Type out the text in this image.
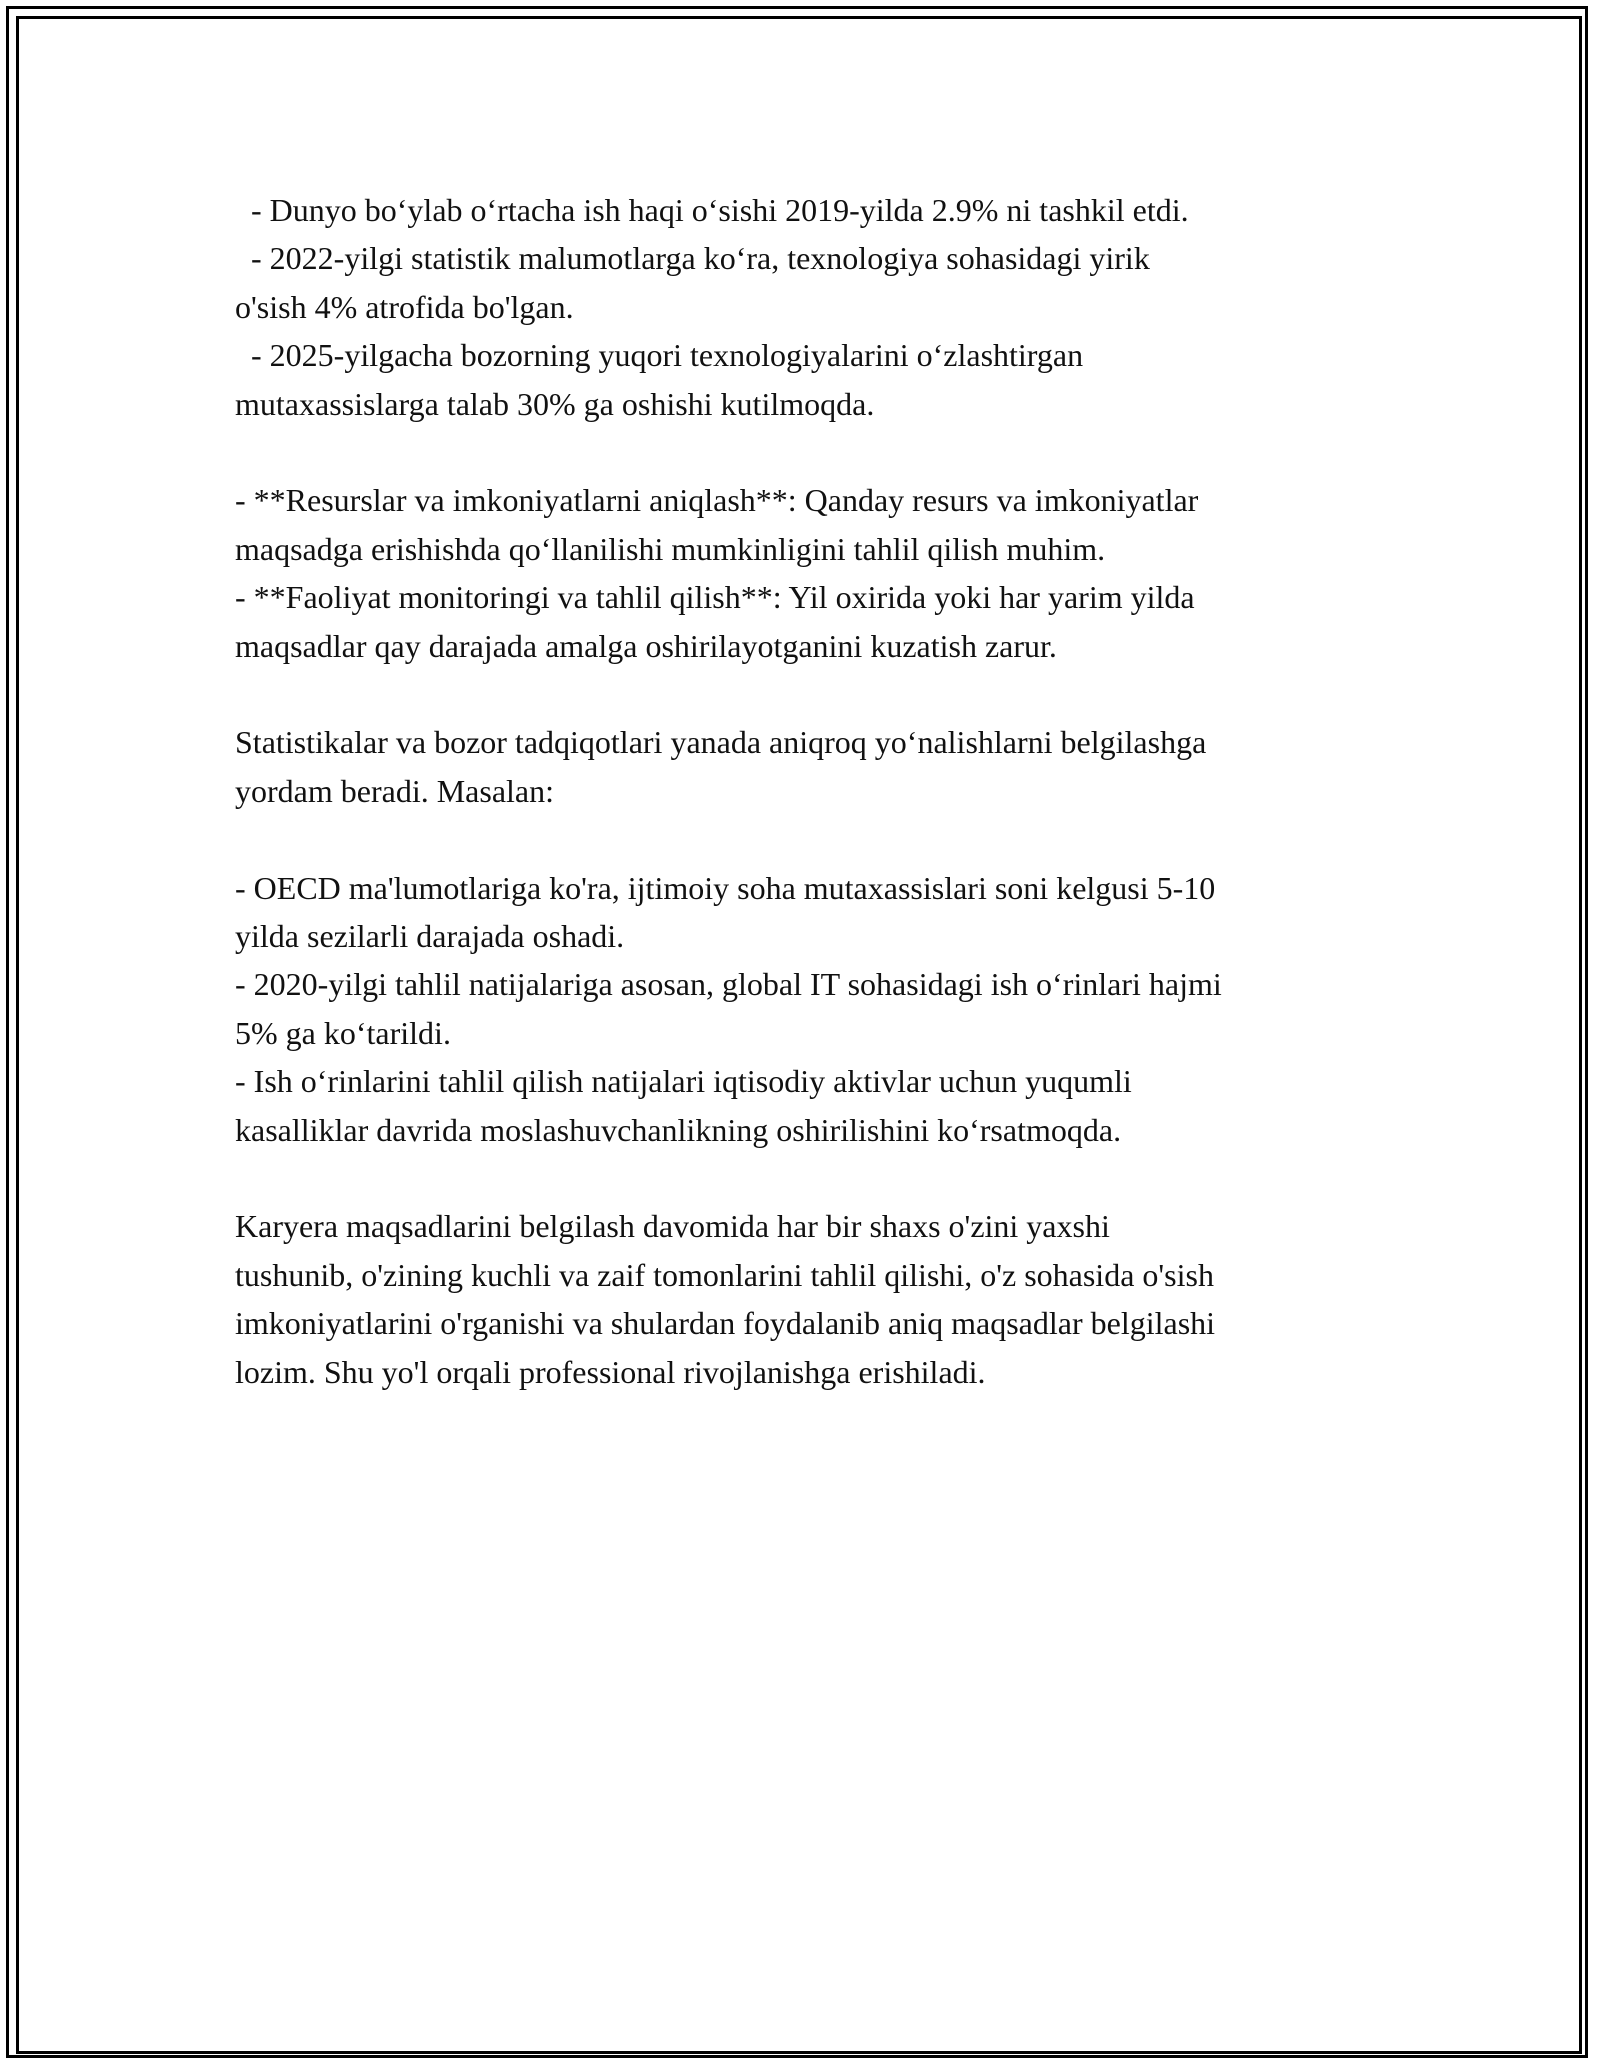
- Dunyo bo‘ylab o‘rtacha ish haqi o‘sishi 2019-yilda 2.9% ni tashkil etdi.

- 2022-yilgi statistik malumotlarga ko‘ra, texnologiya sohasidagi yirik

o'sish 4% atrofida bo'lgan.

- 2025-yilgacha bozorning yuqori texnologiyalarini o‘zlashtirgan

mutaxassislarga talab 30% ga oshishi kutilmoqda.

- **Resurslar va imkoniyatlarni aniqlash**: Qanday resurs va imkoniyatlar

maqsadga erishishda qo‘llanilishi mumkinligini tahlil qilish muhim.

- **Faoliyat monitoringi va tahlil qilish**: Yil oxirida yoki har yarim yilda

maqsadlar qay darajada amalga oshirilayotganini kuzatish zarur.

Statistikalar va bozor tadqiqotlari yanada aniqroq yo‘nalishlarni belgilashga

yordam beradi. Masalan:

- OECD ma'lumotlariga ko'ra, ijtimoiy soha mutaxassislari soni kelgusi 5-10

yilda sezilarli darajada oshadi.

- 2020-yilgi tahlil natijalariga asosan, global IT sohasidagi ish o‘rinlari hajmi

5% ga ko‘tarildi.

- Ish o‘rinlarini tahlil qilish natijalari iqtisodiy aktivlar uchun yuqumli

kasalliklar davrida moslashuvchanlikning oshirilishini ko‘rsatmoqda.

Karyera maqsadlarini belgilash davomida har bir shaxs o'zini yaxshi

tushunib, o'zining kuchli va zaif tomonlarini tahlil qilishi, o'z sohasida o'sish

imkoniyatlarini o'rganishi va shulardan foydalanib aniq maqsadlar belgilashi

lozim. Shu yo'l orqali professional rivojlanishga erishiladi.
